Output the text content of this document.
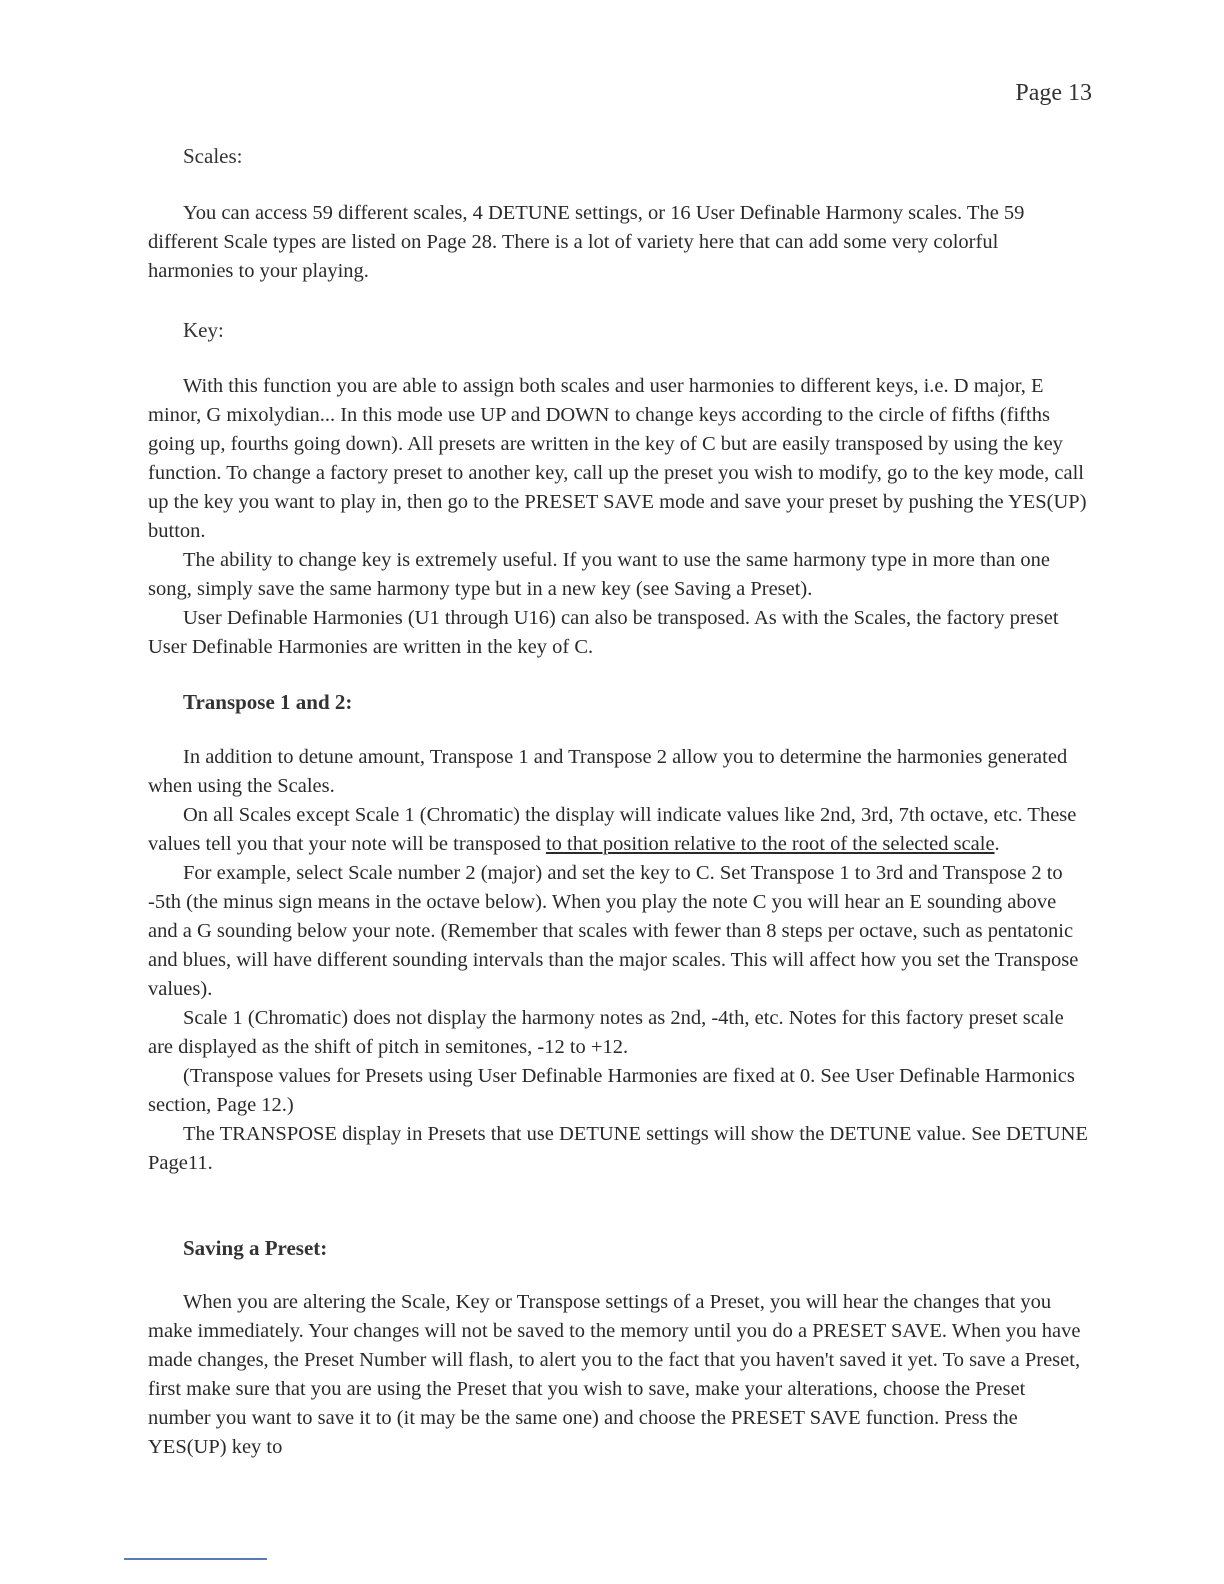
Page 13
Scales:

You can access 59 different scales, 4 DETUNE settings, or 16 User Definable Harmony scales. The 59 different Scale types are listed on Page 28. There is a lot of variety here that can add some very colorful harmonies to your playing.

Key:

With this function you are able to assign both scales and user harmonies to different keys, i.e. D major, E minor, G mixolydian... In this mode use UP and DOWN to change keys according to the circle of fifths (fifths going up, fourths going down). All presets are written in the key of C but are easily transposed by using the key function. To change a factory preset to another key, call up the preset you wish to modify, go to the key mode, call up the key you want to play in, then go to the PRESET SAVE mode and save your preset by pushing the YES(UP) button.

The ability to change key is extremely useful. If you want to use the same harmony type in more than one song, simply save the same harmony type but in a new key (see Saving a Preset).

User Definable Harmonies (U1 through U16) can also be transposed. As with the Scales, the factory preset User Definable Harmonies are written in the key of C.

Transpose 1 and 2:

In addition to detune amount, Transpose 1 and Transpose 2 allow you to determine the harmonies generated when using the Scales.

On all Scales except Scale 1 (Chromatic) the display will indicate values like 2nd, 3rd, 7th octave, etc. These values tell you that your note will be transposed to that position relative to the root of the selected scale.

For example, select Scale number 2 (major) and set the key to C. Set Transpose 1 to 3rd and Transpose 2 to -5th (the minus sign means in the octave below). When you play the note C you will hear an E sounding above and a G sounding below your note. (Remember that scales with fewer than 8 steps per octave, such as pentatonic and blues, will have different sounding intervals than the major scales. This will affect how you set the Transpose values).

Scale 1 (Chromatic) does not display the harmony notes as 2nd, -4th, etc. Notes for this factory preset scale are displayed as the shift of pitch in semitones, -12 to +12.

(Transpose values for Presets using User Definable Harmonies are fixed at 0. See User Definable Harmonics section, Page 12.)

The TRANSPOSE display in Presets that use DETUNE settings will show the DETUNE value. See DETUNE Page11.

Saving a Preset:

When you are altering the Scale, Key or Transpose settings of a Preset, you will hear the changes that you make immediately. Your changes will not be saved to the memory until you do a PRESET SAVE. When you have made changes, the Preset Number will flash, to alert you to the fact that you haven't saved it yet. To save a Preset, first make sure that you are using the Preset that you wish to save, make your alterations, choose the Preset number you want to save it to (it may be the same one) and choose the PRESET SAVE function. Press the YES(UP) key to
